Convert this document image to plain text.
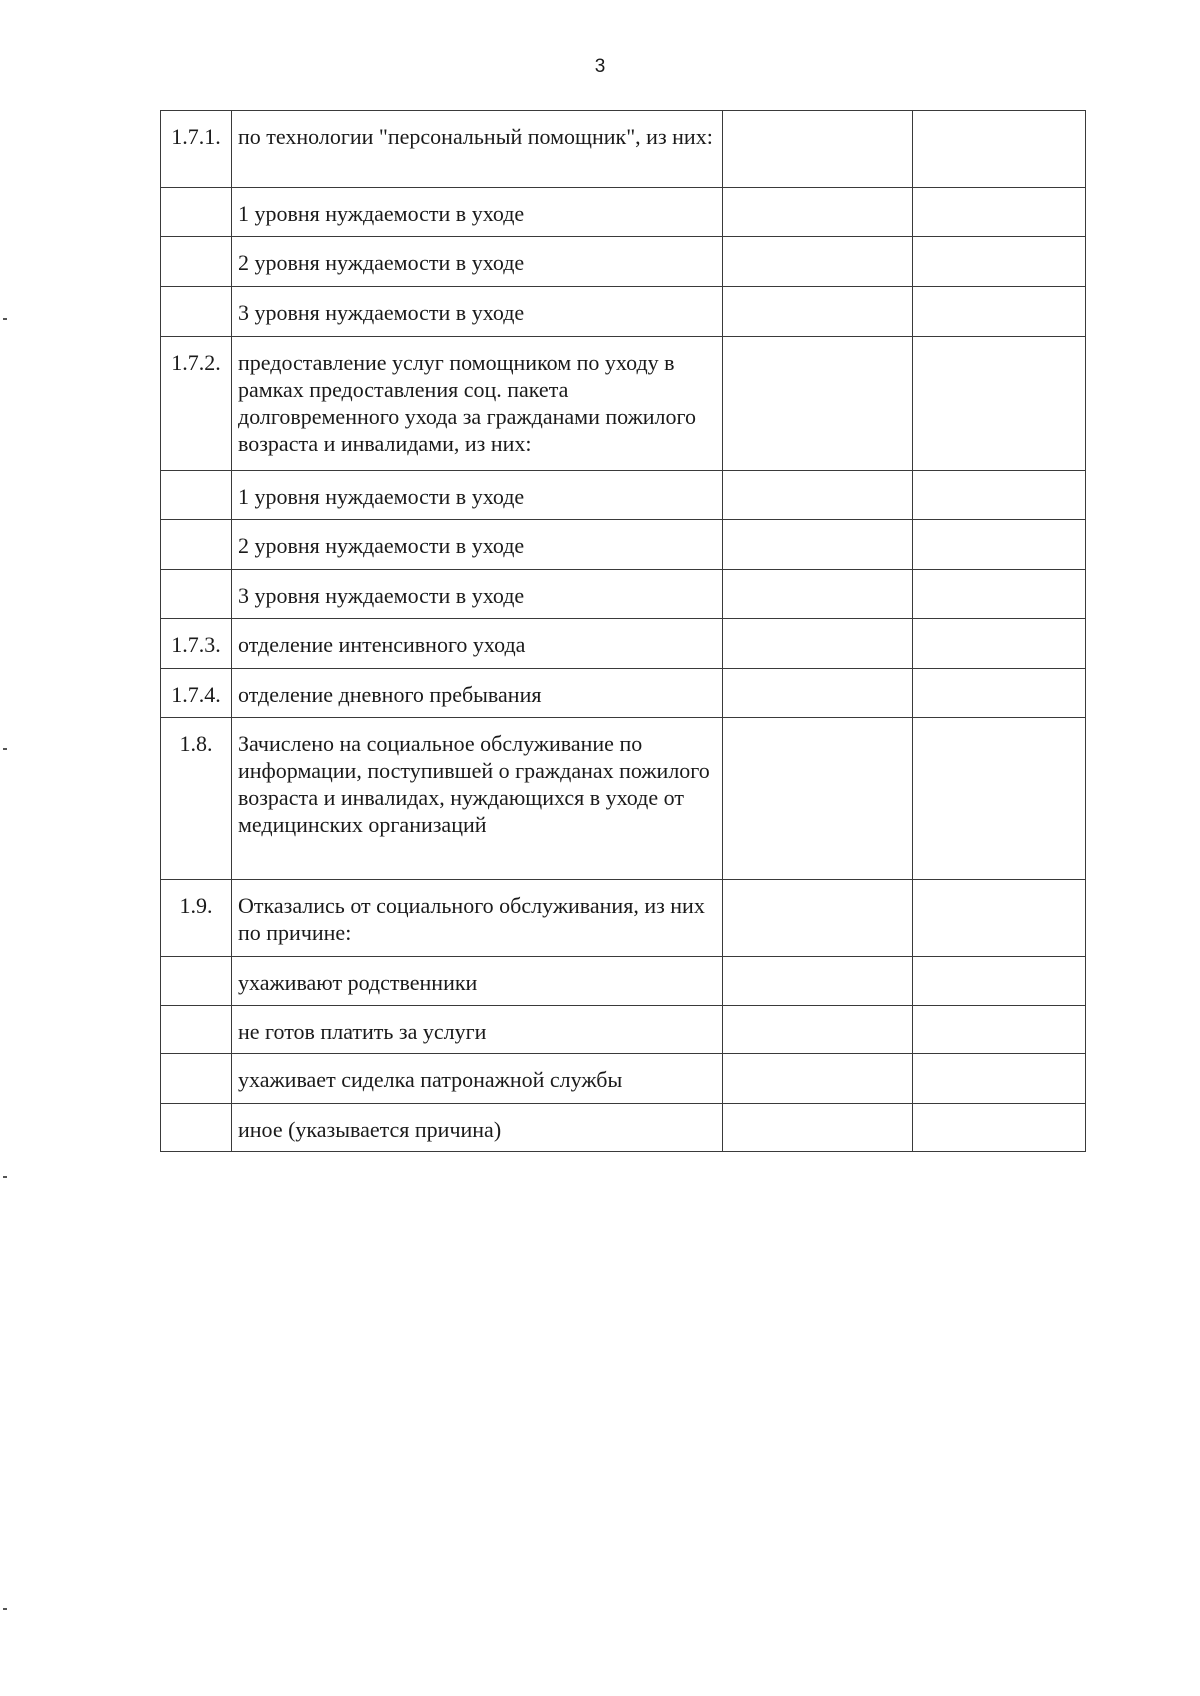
3
1.7.1.	по технологии "персональный помощник", из них:		
	1 уровня нуждаемости в уходе		
	2 уровня нуждаемости в уходе		
	3 уровня нуждаемости в уходе		
1.7.2.	предоставление услуг помощником по уходу в рамках предоставления соц. пакета долговременного ухода за гражданами пожилого возраста и инвалидами, из них:		
	1 уровня нуждаемости в уходе		
	2 уровня нуждаемости в уходе		
	3 уровня нуждаемости в уходе		
1.7.3.	отделение интенсивного ухода		
1.7.4.	отделение дневного пребывания		
1.8.	Зачислено на социальное обслуживание по информации, поступившей о гражданах пожилого возраста и инвалидах, нуждающихся в уходе от медицинских организаций		
1.9.	Отказались от социального обслуживания, из них по причине:		
	ухаживают родственники		
	не готов платить за услуги		
	ухаживает сиделка патронажной службы		
	иное (указывается причина)		
